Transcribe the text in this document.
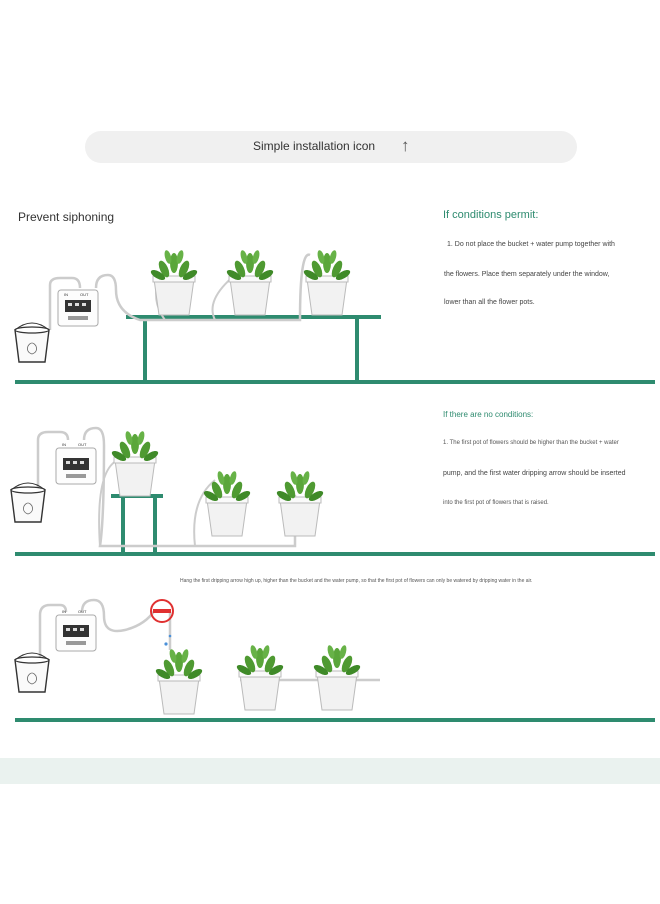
Simple installation icon ↑
Prevent siphoning	If conditions permit:
1. Do not place the bucket + water pump together with
the flowers. Place them separately under the window,
lower than all the flower pots.
If there are no conditions:
1. The first pot of flowers should be higher than the bucket + water
pump, and the first water dripping arrow should be inserted
into the first pot of flowers that is raised.
Hang the first dripping arrow high up, higher than the bucket and the water pump, so that the first pot of flowers can only be watered by dripping water in the air.
IN	OUT
IN	OUT
IN	OUT
